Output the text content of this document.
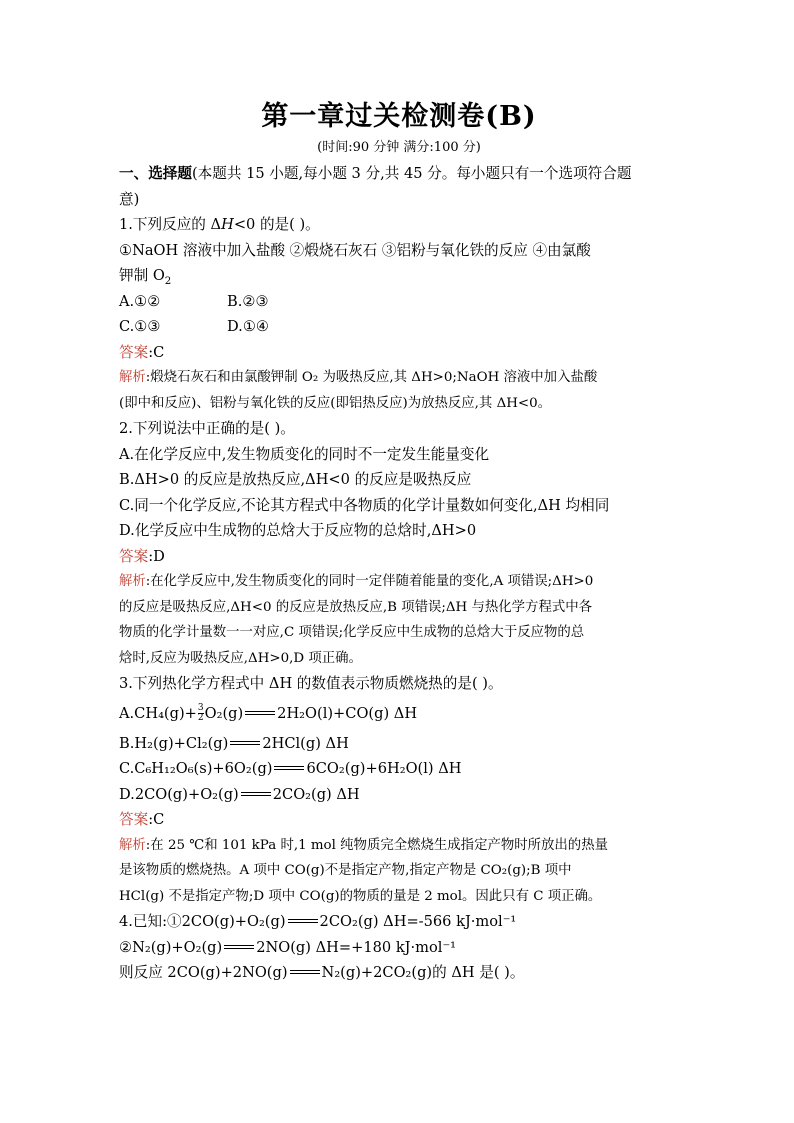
第一章过关检测卷(B)
(时间:90 分钟 满分:100 分)
一、选择题(本题共 15 小题,每小题 3 分,共 45 分。每小题只有一个选项符合题
意)
1.下列反应的 ΔH<0 的是( )。
①NaOH 溶液中加入盐酸 ②煅烧石灰石 ③铝粉与氧化铁的反应 ④由氯酸
钾制 $O_2$
A.①②	B.②③
C.①③	D.①④
答案:C
解析:煅烧石灰石和由氯酸钾制 O₂ 为吸热反应,其 ΔH>0;NaOH 溶液中加入盐酸
(即中和反应)、铝粉与氧化铁的反应(即铝热反应)为放热反应,其 ΔH<0。
2.下列说法中正确的是( )。
A.在化学反应中,发生物质变化的同时不一定发生能量变化
B.ΔH>0 的反应是放热反应,ΔH<0 的反应是吸热反应
C.同一个化学反应,不论其方程式中各物质的化学计量数如何变化,ΔH 均相同
D.化学反应中生成物的总焓大于反应物的总焓时,ΔH>0
答案:D
解析:在化学反应中,发生物质变化的同时一定伴随着能量的变化,A 项错误;ΔH>0
的反应是吸热反应,ΔH<0 的反应是放热反应,B 项错误;ΔH 与热化学方程式中各
物质的化学计量数一一对应,C 项错误;化学反应中生成物的总焓大于反应物的总
焓时,反应为吸热反应,ΔH>0,D 项正确。
3.下列热化学方程式中 ΔH 的数值表示物质燃烧热的是( )。
$A.CH_4(g)+ \frac{3}{2} O_2(g)$ 2H₂O(l)+CO(g) ΔH
B.H₂(g)+Cl₂(g) 2HCl(g) ΔH
C.C₆H₁₂O₆(s)+6O₂(g) 6CO₂(g)+6H₂O(l) ΔH
D.2CO(g)+O₂(g) 2CO₂(g) ΔH
答案:C
解析:在 25 ℃和 101 kPa 时,1 mol 纯物质完全燃烧生成指定产物时所放出的热量
是该物质的燃烧热。A 项中 CO(g)不是指定产物,指定产物是 CO₂(g);B 项中
HCl(g) 不是指定产物;D 项中 CO(g)的物质的量是 2 mol。因此只有 C 项正确。
4.已知:①2CO(g)+O₂(g) 2CO₂(g) ΔH=-566 kJ·mol⁻¹
②N₂(g)+O₂(g) 2NO(g) ΔH=+180 kJ·mol⁻¹
则反应 2CO(g)+2NO(g) N₂(g)+2CO₂(g)的 ΔH 是( )。
